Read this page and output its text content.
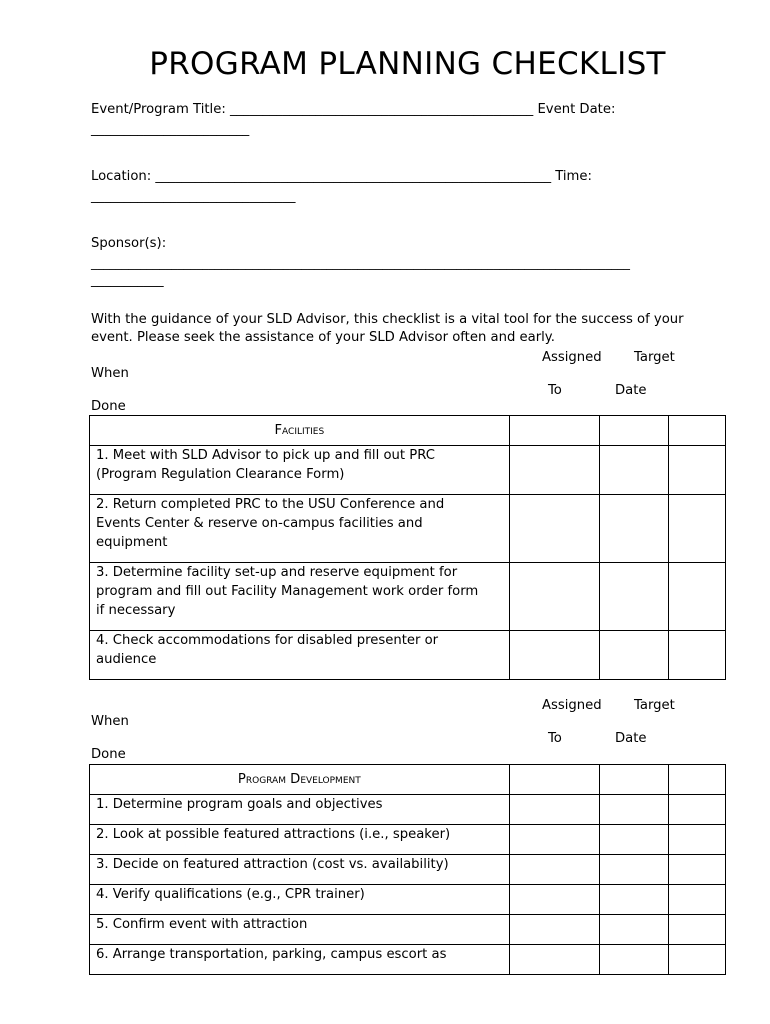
PROGRAM PLANNING CHECKLIST
Event/Program Title: ______________________________________________ Event Date:
________________________
Location: ____________________________________________________________ Time:
_______________________________
Sponsor(s):
_______________________________________________________________________________________
___________
With the guidance of your SLD Advisor, this checklist is a vital tool for the success of your
event. Please seek the assistance of your SLD Advisor often and early.
Assigned Target
When
To	Date
Done
Facilities			

1. Meet with SLD Advisor to pick up and fill out PRC
(Program Regulation Clearance Form)			

2. Return completed PRC to the USU Conference and
Events Center & reserve on-campus facilities and
equipment			

3. Determine facility set-up and reserve equipment for
program and fill out Facility Management work order form
if necessary			

4. Check accommodations for disabled presenter or
audience			

Assigned Target
When
To	Date
Done
Program Development			
1. Determine program goals and objectives			
2. Look at possible featured attractions (i.e., speaker)			
3. Decide on featured attraction (cost vs. availability)			
4. Verify qualifications (e.g., CPR trainer)			
5. Confirm event with attraction			
6. Arrange transportation, parking, campus escort as			
